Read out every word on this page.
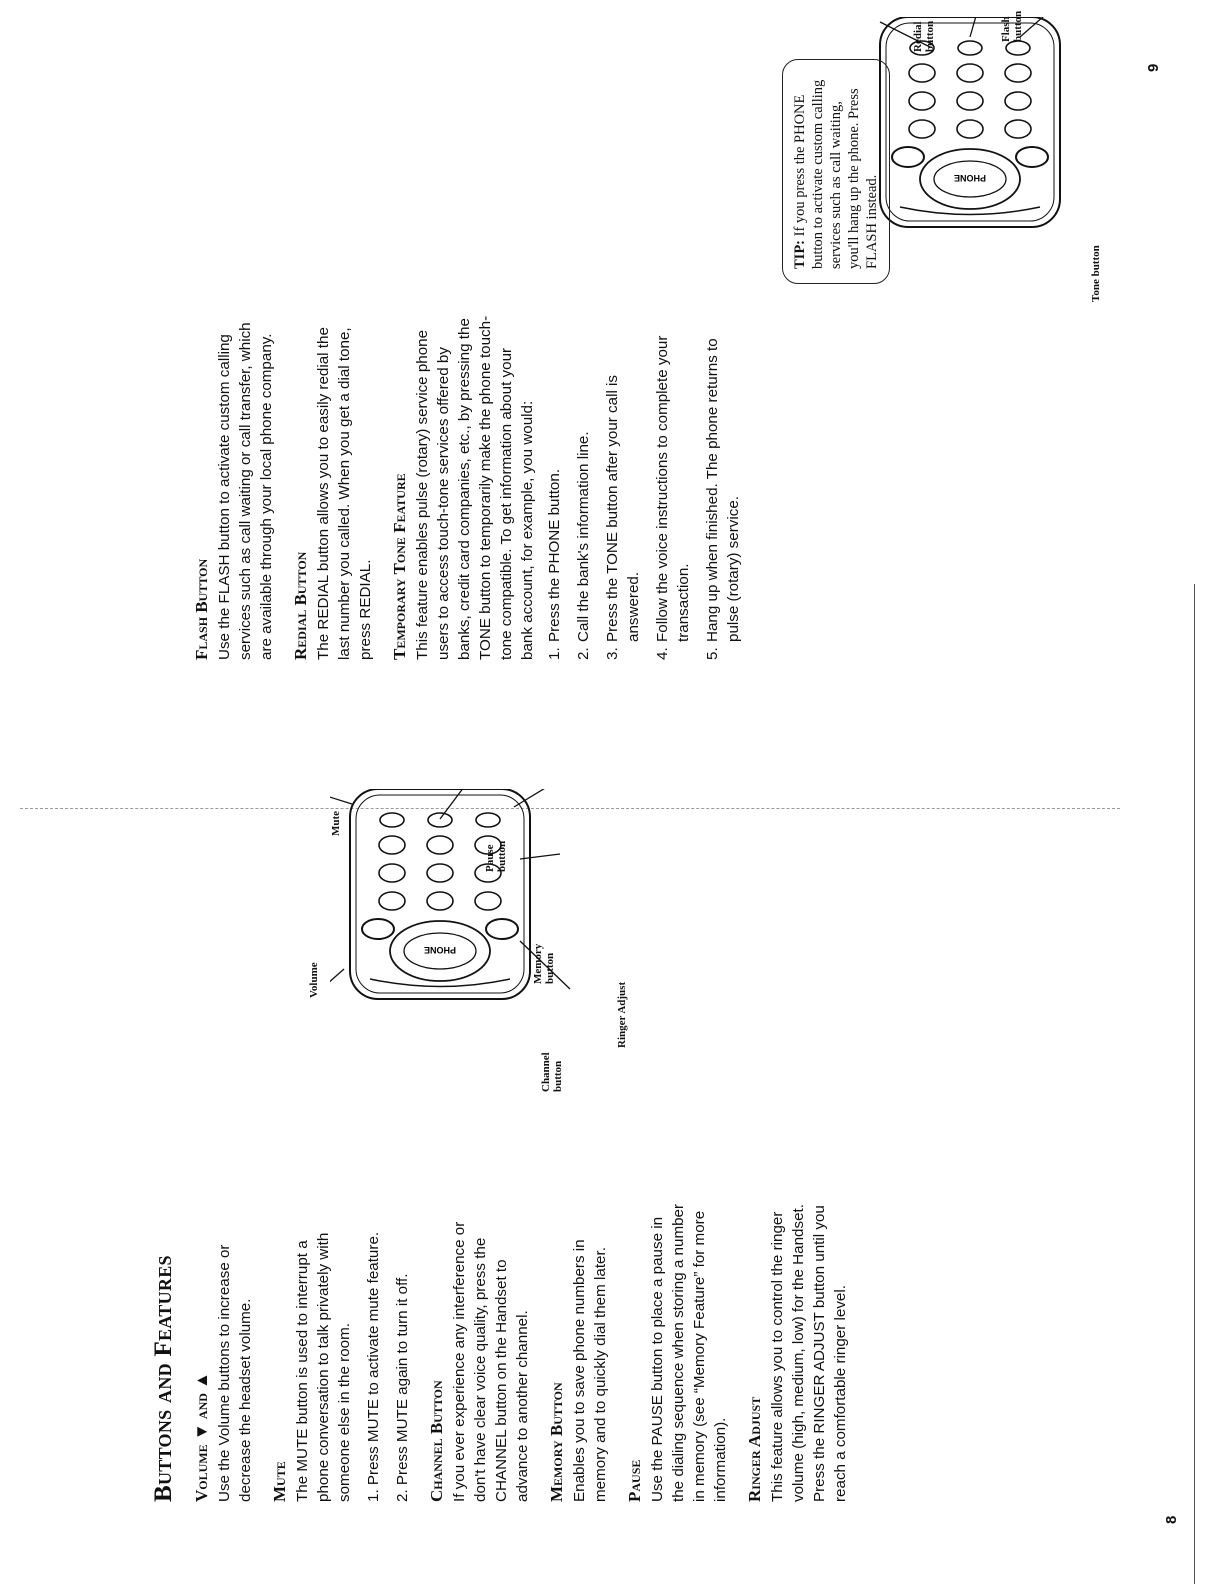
Buttons and Features Volume ▼ and ▲ Use the Volume buttons to increase or decrease the headset volume. Mute The MUTE button is used to interrupt a phone conversation to talk privately with someone else in the room. 1. Press MUTE to activate mute feature. 2. Press MUTE again to turn it off. Channel Button If you ever experience any interference or don't have clear voice quality, press the CHANNEL button on the Handset to advance to another channel. Memory Button Enables you to save phone numbers in memory and to quickly dial them later. Pause Use the PAUSE button to place a pause in the dialing sequence when storing a number in memory (see “Memory Feature” for more information). Ringer Adjust This feature allows you to control the ringer volume (high, medium, low) for the Handset. Press the RINGER ADJUST button until you reach a comfortable ringer level.

8
PHONE
Volume
Mute
Channel button
Memory button
Pause button
Ringer Adjust
Flash Button Use the FLASH button to activate custom calling services such as call waiting or call transfer, which are available through your local phone company. Redial Button The REDIAL button allows you to easily redial the last number you called. When you get a dial tone, press REDIAL. Temporary Tone Feature This feature enables pulse (rotary) service phone users to access touch-tone services offered by banks, credit card companies, etc., by pressing the TONE button to temporarily make the phone touch-tone compatible. To get information about your bank account, for example, you would: 1.
Press the PHONE button.
2.
Call the bank's information line.
3.
Press the TONE button after your call is answered.
4.
Follow the voice instructions to complete your transaction.
5.
Hang up when finished. The phone returns to pulse (rotary) service.
PHONE
Redial button	Flash button
Tone button
TIP: If you press the PHONE button to activate custom calling services such as call waiting, you'll hang up the phone. Press FLASH instead.
9
